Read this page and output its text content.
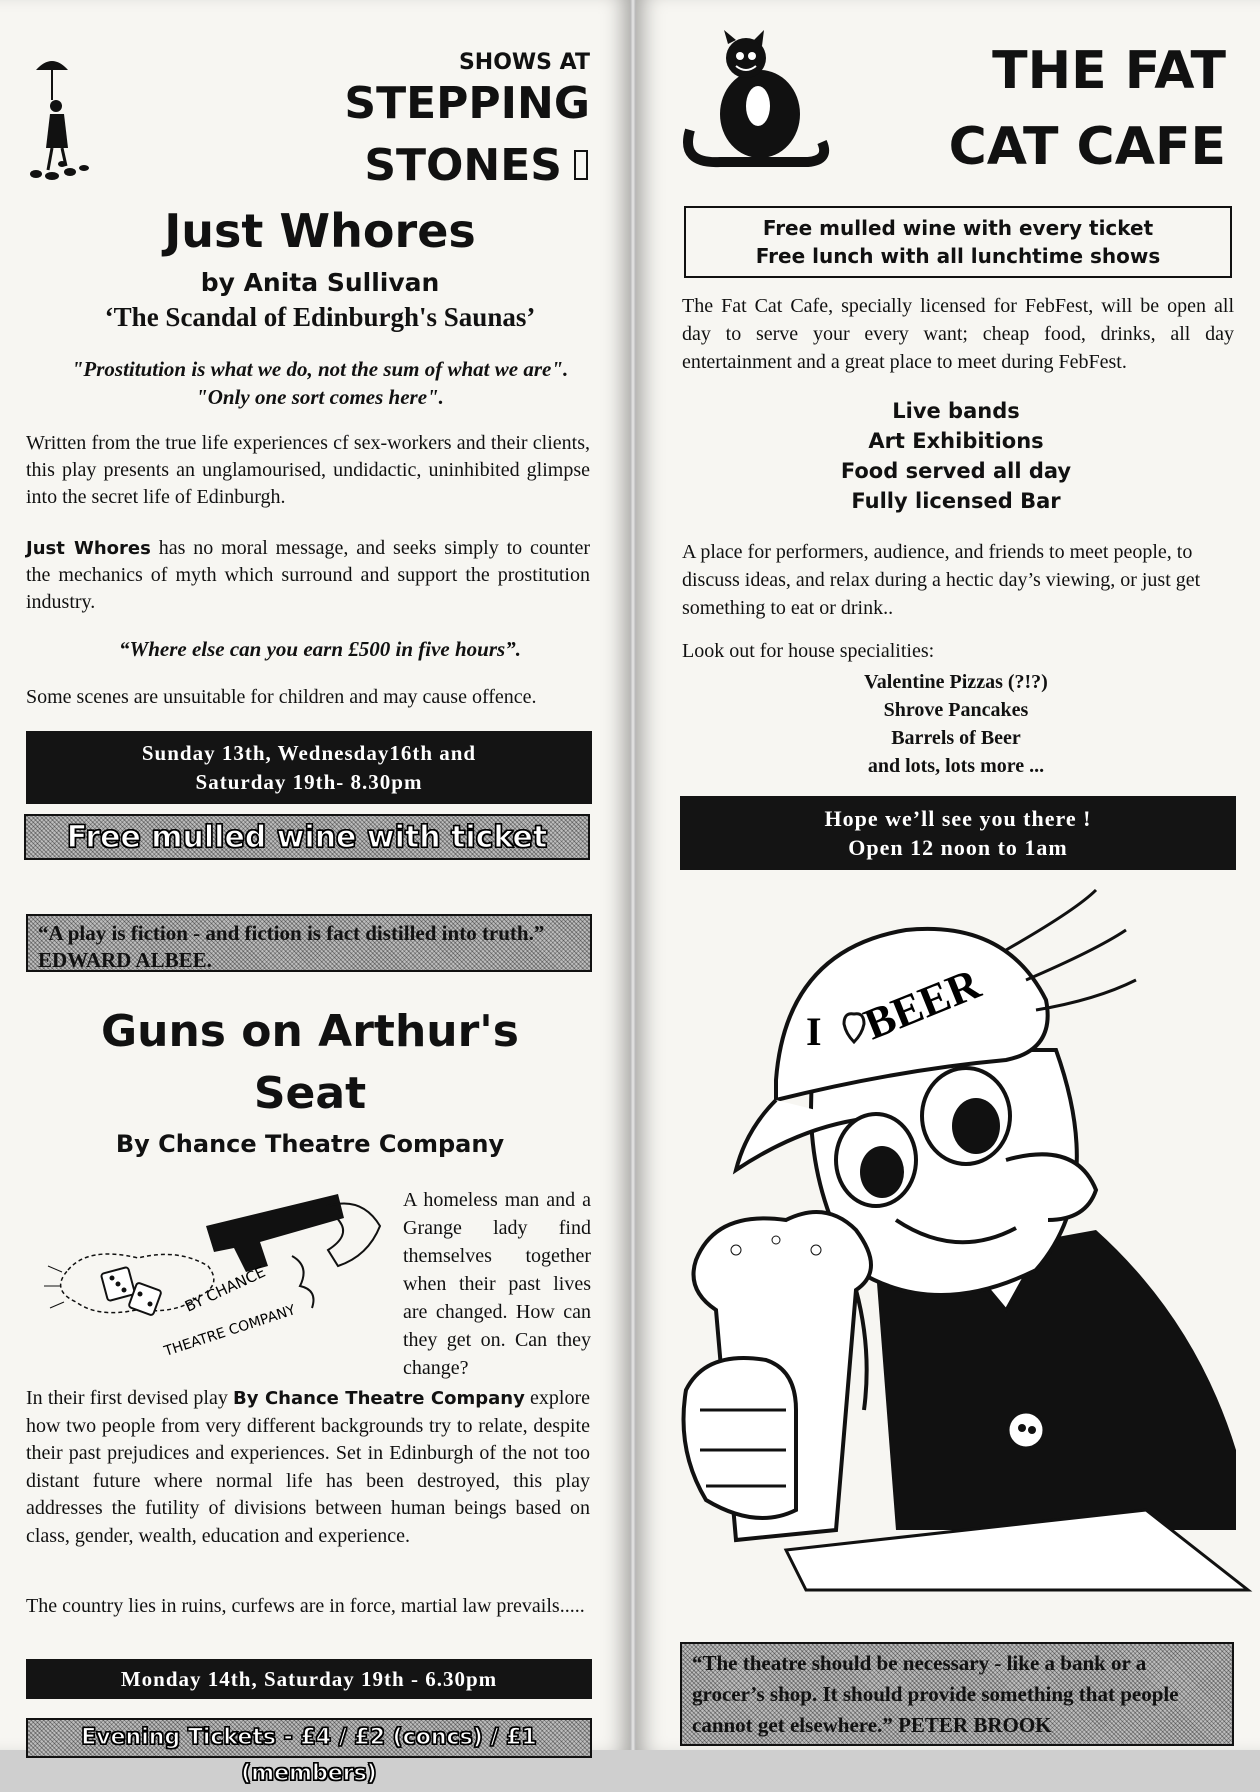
SHOWS AT
STEPPING
STONES
Just Whores
by Anita Sullivan
‘The Scandal of Edinburgh's Saunas’
"Prostitution is what we do, not the sum of what we are".
"Only one sort comes here".
Written from the true life experiences cf sex-workers and their clients, this play presents an unglamourised, undidactic, uninhibited glimpse into the secret life of Edinburgh.
Just Whores has no moral message, and seeks simply to counter the mechanics of myth which surround and support the prostitution industry.
“Where else can you earn £500 in five hours”.
Some scenes are unsuitable for children and may cause offence.
Sunday 13th, Wednesday16th and
Saturday 19th- 8.30pm
Free mulled wine with ticket
“A play is fiction - and fiction is fact distilled into truth.” EDWARD ALBEE.
Guns on Arthur's
Seat
By Chance Theatre Company
BY CHANCE
THEATRE COMPANY
A homeless man and a Grange lady find themselves together when their past lives are changed. How can they get on. Can they change?
In their first devised play By Chance Theatre Company explore how two people from very different backgrounds try to relate, despite their past prejudices and experiences. Set in Edinburgh of the not too distant future where normal life has been destroyed, this play addresses the futility of divisions between human beings based on class, gender, wealth, education and experience.
The country lies in ruins, curfews are in force, martial law prevails.....
Monday 14th, Saturday 19th - 6.30pm
Evening Tickets - £4 / £2 (concs) / £1 (members)
THE FAT
CAT CAFE
Free mulled wine with every ticket
Free lunch with all lunchtime shows
The Fat Cat Cafe, specially licensed for FebFest, will be open all day to serve your every want; cheap food, drinks, all day entertainment and a great place to meet during FebFest.
Live bands
Art Exhibitions
Food served all day
Fully licensed Bar
A place for performers, audience, and friends to meet people, to discuss ideas, and relax during a hectic day’s viewing, or just get something to eat or drink..
Look out for house specialities:
Valentine Pizzas (?!?)
Shrove Pancakes
Barrels of Beer
and lots, lots more ...
Hope we’ll see you there !
Open 12 noon to 1am
I BEER
“The theatre should be necessary - like a bank or a grocer’s shop. It should provide something that people cannot get elsewhere.” PETER BROOK
